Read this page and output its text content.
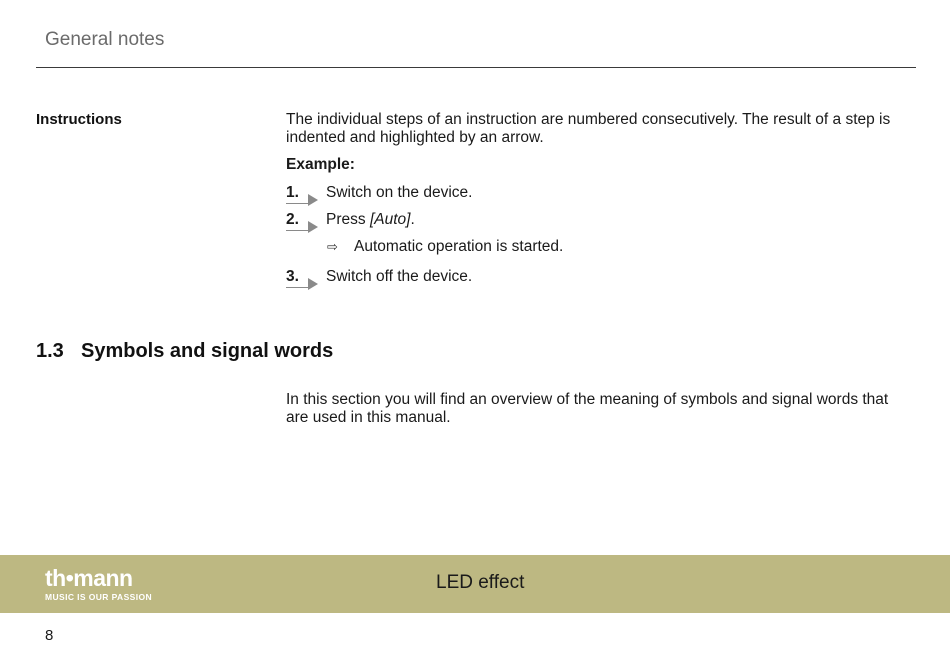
General notes
Instructions	The individual steps of an instruction are numbered consecutively. The result of a step is indented and highlighted by an arrow.
Example:
1. Switch on the device.
2. Press [Auto].
⇨ Automatic operation is started.
3. Switch off the device.
1.3 Symbols and signal words
In this section you will find an overview of the meaning of symbols and signal words that are used in this manual.
th•mann
MUSIC IS OUR PASSION
LED effect
8
